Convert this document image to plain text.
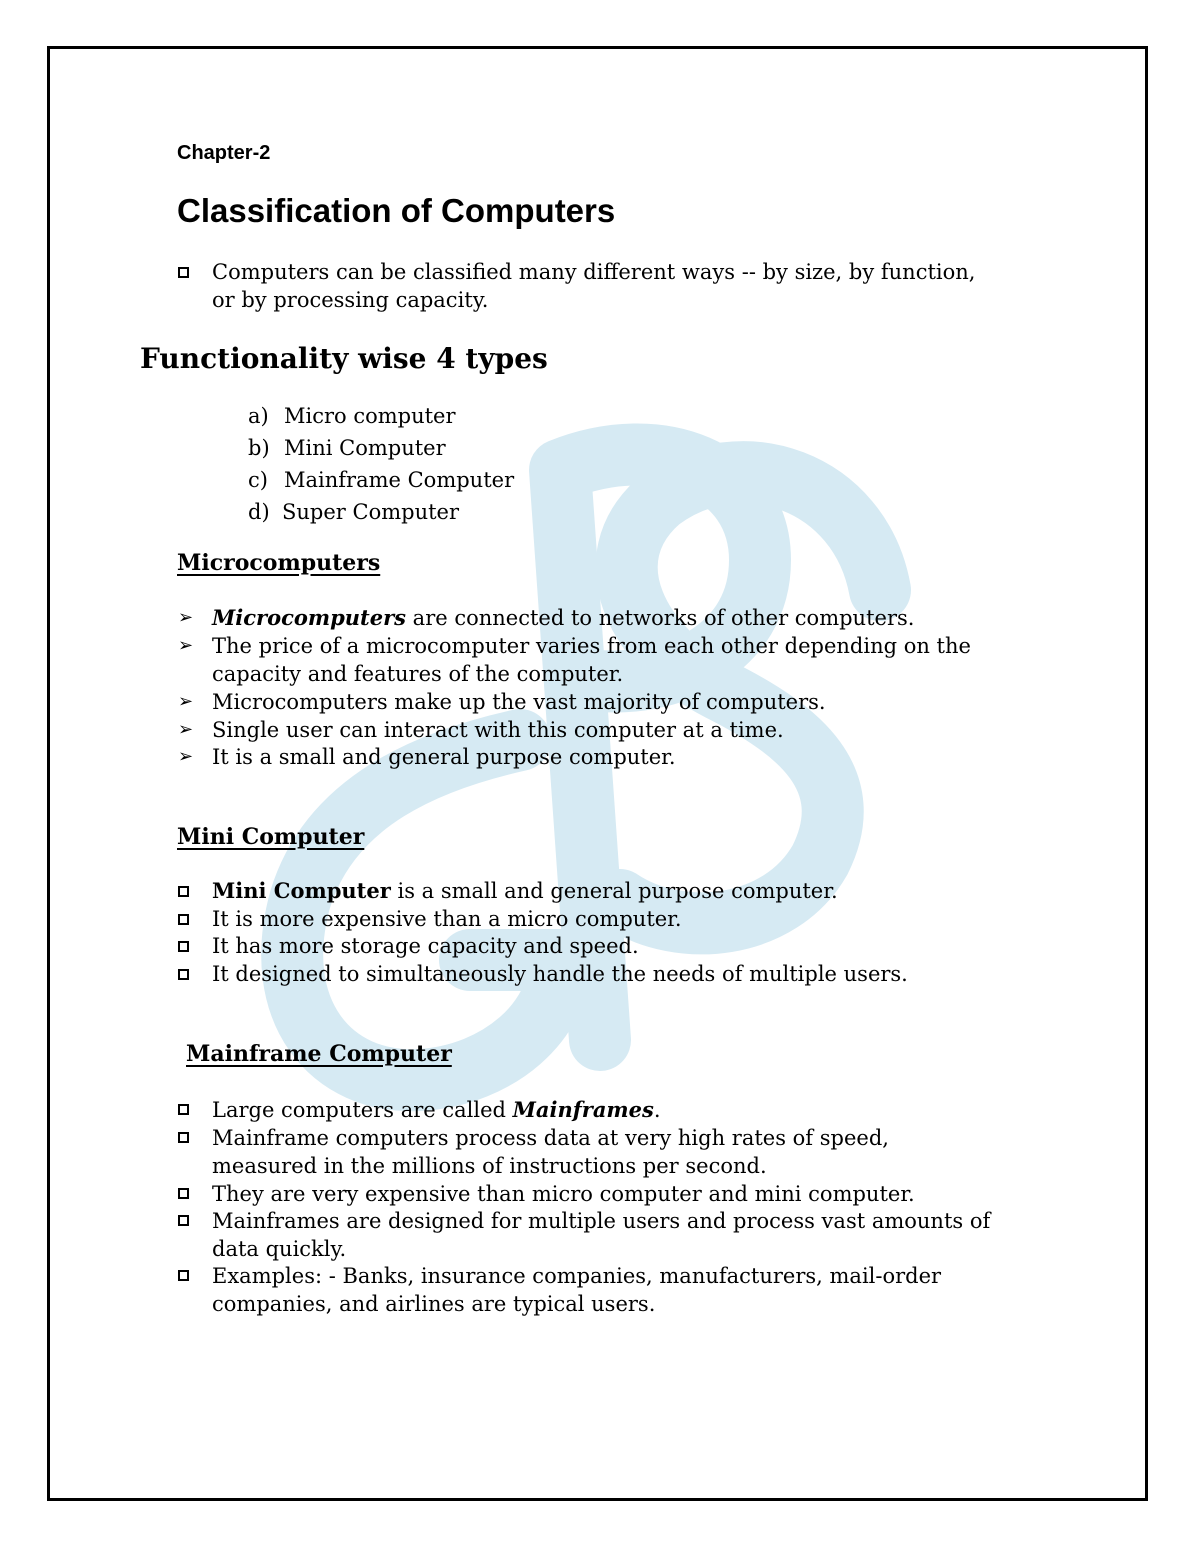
Chapter-2
Classification of Computers
Computers can be classified many different ways -- by size, by function,
or by processing capacity.
Functionality wise 4 types
a) Micro computer
b) Mini Computer
c) Mainframe Computer
d) Super Computer
Microcomputers
➢ Microcomputers are connected to networks of other computers.
➢ The price of a microcomputer varies from each other depending on the
capacity and features of the computer.
➢ Microcomputers make up the vast majority of computers.
➢ Single user can interact with this computer at a time.
➢ It is a small and general purpose computer.
Mini Computer
Mini Computer is a small and general purpose computer.
It is more expensive than a micro computer.
It has more storage capacity and speed.
It designed to simultaneously handle the needs of multiple users.
Mainframe Computer
Large computers are called Mainframes.
Mainframe computers process data at very high rates of speed,
measured in the millions of instructions per second.
They are very expensive than micro computer and mini computer.
Mainframes are designed for multiple users and process vast amounts of
data quickly.
Examples: - Banks, insurance companies, manufacturers, mail-order
companies, and airlines are typical users.
